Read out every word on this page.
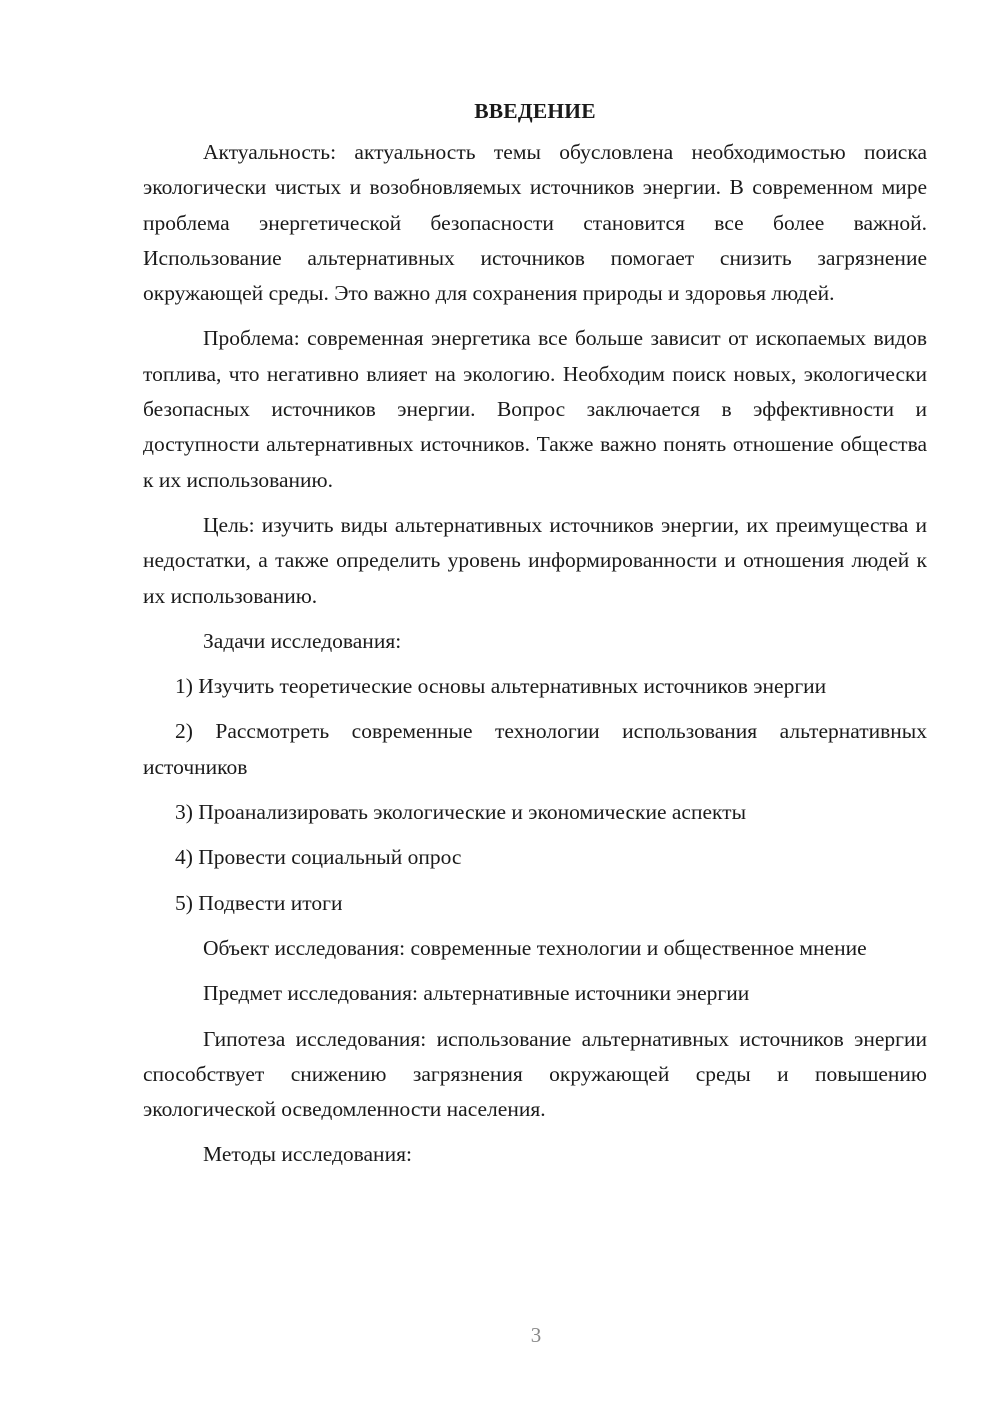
ВВЕДЕНИЕ

Актуальность: актуальность темы обусловлена необходимостью поиска экологически чистых и возобновляемых источников энергии. В современном мире проблема энергетической безопасности становится все более важной. Использование альтернативных источников помогает снизить загрязнение окружающей среды. Это важно для сохранения природы и здоровья людей.

Проблема: современная энергетика все больше зависит от ископаемых видов топлива, что негативно влияет на экологию. Необходим поиск новых, экологически безопасных источников энергии. Вопрос заключается в эффективности и доступности альтернативных источников. Также важно понять отношение общества к их использованию.

Цель: изучить виды альтернативных источников энергии, их преимущества и недостатки, а также определить уровень информированности и отношения людей к их использованию.

Задачи исследования:

1) Изучить теоретические основы альтернативных источников энергии

2) Рассмотреть современные технологии использования альтернативных источников

3) Проанализировать экологические и экономические аспекты

4) Провести социальный опрос

5) Подвести итоги

Объект исследования: современные технологии и общественное мнение

Предмет исследования: альтернативные источники энергии

Гипотеза исследования: использование альтернативных источников энергии способствует снижению загрязнения окружающей среды и повышению экологической осведомленности населения.

Методы исследования:

3
